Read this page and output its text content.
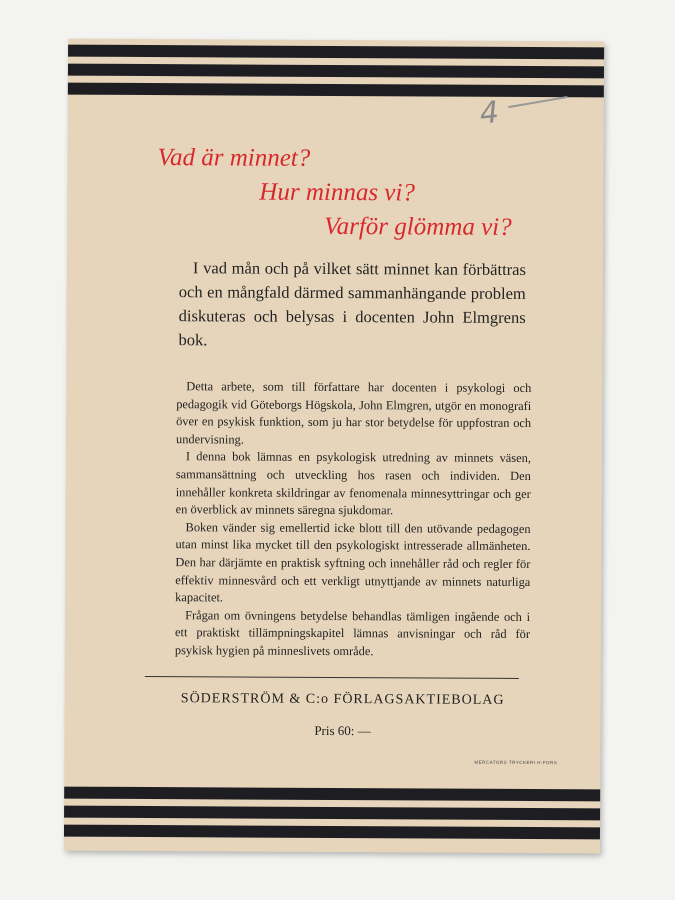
4
Vad är minnet?
Hur minnas vi?
Varför glömma vi?

I vad mån och på vilket sätt minnet kan förbättras och en mångfald därmed sammanhängande problem diskuteras och belysas i docenten John Elmgrens bok.

Detta arbete, som till författare har docenten i psykologi och pedagogik vid Göteborgs Högskola, John Elmgren, utgör en monografi över en psykisk funktion, som ju har stor betydelse för uppfostran och undervisning.

I denna bok lämnas en psykologisk utredning av minnets väsen, sammansättning och utveckling hos rasen och individen. Den innehåller konkreta skildringar av fenomenala minnesyttringar och ger en överblick av minnets säregna sjukdomar.

Boken vänder sig emellertid icke blott till den utövande pedagogen utan minst lika mycket till den psykologiskt intresserade allmänheten. Den har därjämte en praktisk syftning och innehåller råd och regler för effektiv minnesvård och ett verkligt utnyttjande av minnets naturliga kapacitet.

Frågan om övningens betydelse behandlas tämligen ingående och i ett praktiskt tillämpningskapitel lämnas anvisningar och råd för psykisk hygien på minneslivets område.

SÖDERSTRÖM & C:o FÖRLAGSAKTIEBOLAG
Pris 60: —
MERCATORS TRYCKERI H:FORS
